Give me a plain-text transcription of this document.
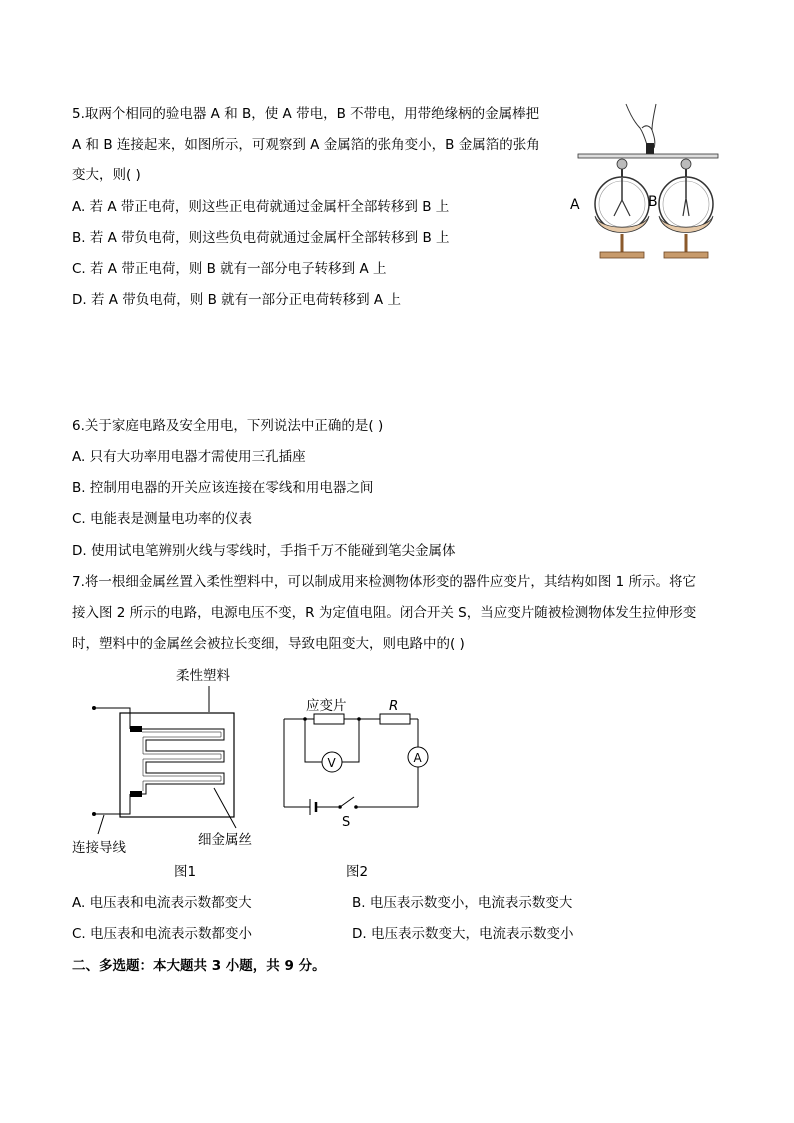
5.取两个相同的验电器 A 和 B，使 A 带电，B 不带电，用带绝缘柄的金属棒把
A 和 B 连接起来，如图所示，可观察到 A 金属箔的张角变小，B 金属箔的张角
变大，则( )
A. 若 A 带正电荷，则这些正电荷就通过金属杆全部转移到 B 上
B. 若 A 带负电荷，则这些负电荷就通过金属杆全部转移到 B 上
C. 若 A 带正电荷，则 B 就有一部分电子转移到 A 上
D. 若 A 带负电荷，则 B 就有一部分正电荷转移到 A 上
A	B
6.关于家庭电路及安全用电，下列说法中正确的是( )
A. 只有大功率用电器才需使用三孔插座
B. 控制用电器的开关应该连接在零线和用电器之间
C. 电能表是测量电功率的仪表
D. 使用试电笔辨别火线与零线时，手指千万不能碰到笔尖金属体
7.将一根细金属丝置入柔性塑料中，可以制成用来检测物体形变的器件应变片，其结构如图 1 所示。将它
接入图 2 所示的电路，电源电压不变，R 为定值电阻。闭合开关 S，当应变片随被检测物体发生拉伸形变
时，塑料中的金属丝会被拉长变细，导致电阻变大，则电路中的( )
柔性塑料
细金属丝
连接导线
图1
应变片	R
V	A
S
图2
A. 电压表和电流表示数都变大	B. 电压表示数变小，电流表示数变大
C. 电压表和电流表示数都变小	D. 电压表示数变大，电流表示数变小
二、多选题：本大题共 3 小题，共 9 分。
